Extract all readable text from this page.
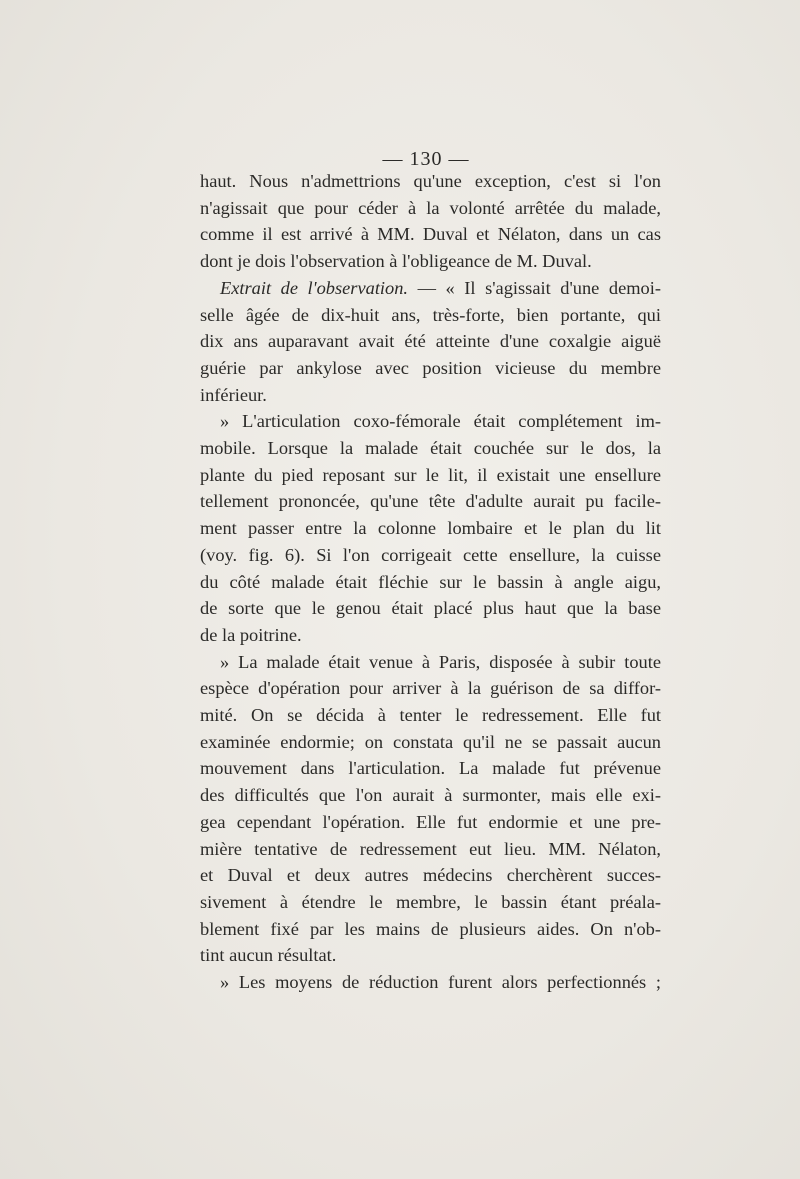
— 130 —
haut. Nous n'admettrions qu'une exception, c'est si l'on
n'agissait que pour céder à la volonté arrêtée du malade,
comme il est arrivé à MM. Duval et Nélaton, dans un cas
dont je dois l'observation à l'obligeance de M. Duval.
Extrait de l'observation. — « Il s'agissait d'une demoi-
selle âgée de dix-huit ans, très-forte, bien portante, qui
dix ans auparavant avait été atteinte d'une coxalgie aiguë
guérie par ankylose avec position vicieuse du membre
inférieur.
» L'articulation coxo-fémorale était complétement im-
mobile. Lorsque la malade était couchée sur le dos, la
plante du pied reposant sur le lit, il existait une ensellure
tellement prononcée, qu'une tête d'adulte aurait pu facile-
ment passer entre la colonne lombaire et le plan du lit
(voy. fig. 6). Si l'on corrigeait cette ensellure, la cuisse
du côté malade était fléchie sur le bassin à angle aigu,
de sorte que le genou était placé plus haut que la base
de la poitrine.
» La malade était venue à Paris, disposée à subir toute
espèce d'opération pour arriver à la guérison de sa diffor-
mité. On se décida à tenter le redressement. Elle fut
examinée endormie; on constata qu'il ne se passait aucun
mouvement dans l'articulation. La malade fut prévenue
des difficultés que l'on aurait à surmonter, mais elle exi-
gea cependant l'opération. Elle fut endormie et une pre-
mière tentative de redressement eut lieu. MM. Nélaton,
et Duval et deux autres médecins cherchèrent succes-
sivement à étendre le membre, le bassin étant préala-
blement fixé par les mains de plusieurs aides. On n'ob-
tint aucun résultat.
» Les moyens de réduction furent alors perfectionnés ;
